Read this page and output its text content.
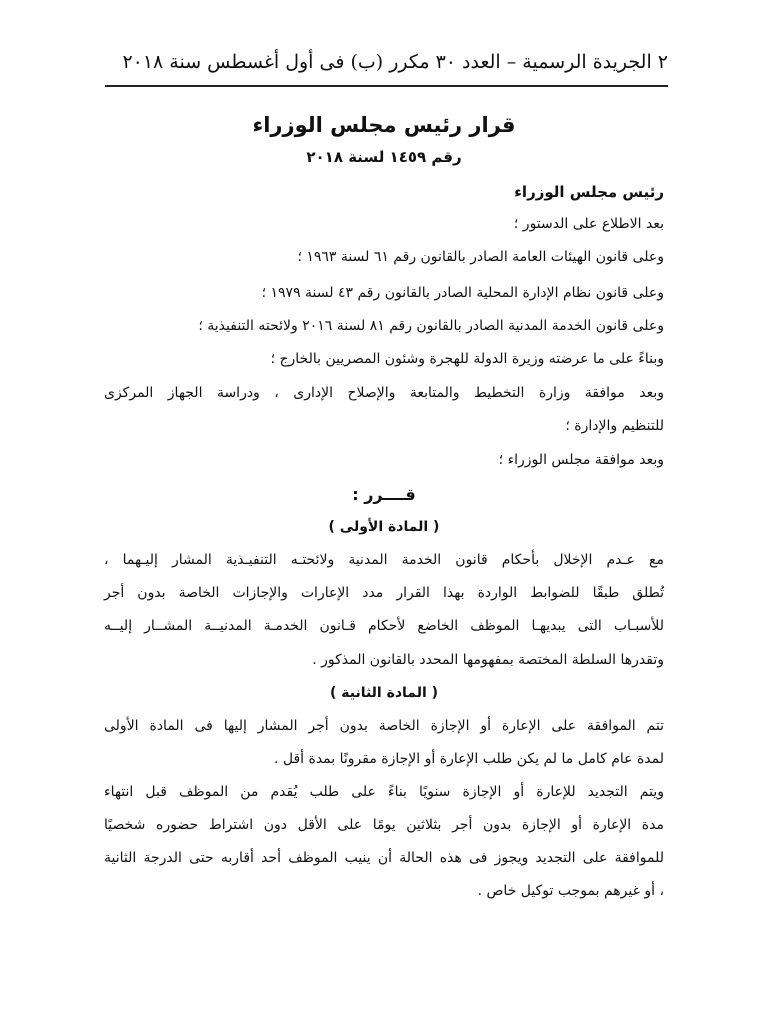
٢ الجريدة الرسمية – العدد ٣٠ مكرر (ب) فى أول أغسطس سنة ٢٠١٨
قرار رئيس مجلس الوزراء
رقم ١٤٥٩ لسنة ٢٠١٨
رئيس مجلس الوزراء
بعد الاطلاع على الدستور ؛
وعلى قانون الهيئات العامة الصادر بالقانون رقم ٦١ لسنة ١٩٦٣ ؛
وعلى قانون نظام الإدارة المحلية الصادر بالقانون رقم ٤٣ لسنة ١٩٧٩ ؛
وعلى قانون الخدمة المدنية الصادر بالقانون رقم ٨١ لسنة ٢٠١٦ ولائحته التنفيذية ؛
وبناءً على ما عرضته وزيرة الدولة للهجرة وشئون المصريين بالخارج ؛
وبعد موافقة وزارة التخطيط والمتابعة والإصلاح الإدارى ، ودراسة الجهاز المركزى
للتنظيم والإدارة ؛
وبعد موافقة مجلس الوزراء ؛
قــــرر :
( المادة الأولى )
مع عـدم الإخلال بأحكام قانون الخدمة المدنية ولائحتـه التنفيـذية المشار إليـهما ،
تُطلق طبقًا للضوابط الواردة بهذا القرار مدد الإعارات والإجازات الخاصة بدون أجر
للأسبـاب التى يبديهـا الموظف الخاضع لأحكام قـانون الخدمـة المدنيــة المشــار إليــه
وتقدرها السلطة المختصة بمفهومها المحدد بالقانون المذكور .
( المادة الثانية )
تتم الموافقة على الإعارة أو الإجازة الخاصة بدون أجر المشار إليها فى المادة الأولى
لمدة عام كامل ما لم يكن طلب الإعارة أو الإجازة مقرونًا بمدة أقل .
ويتم التجديد للإعارة أو الإجازة سنويًا بناءً على طلب يُقدم من الموظف قبل انتهاء
مدة الإعارة أو الإجازة بدون أجر بثلاثين يومًا على الأقل دون اشتراط حضوره شخصيًا
للموافقة على التجديد ويجوز فى هذه الحالة أن ينيب الموظف أحد أقاربه حتى الدرجة الثانية
، أو غيرهم بموجب توكيل خاص .
